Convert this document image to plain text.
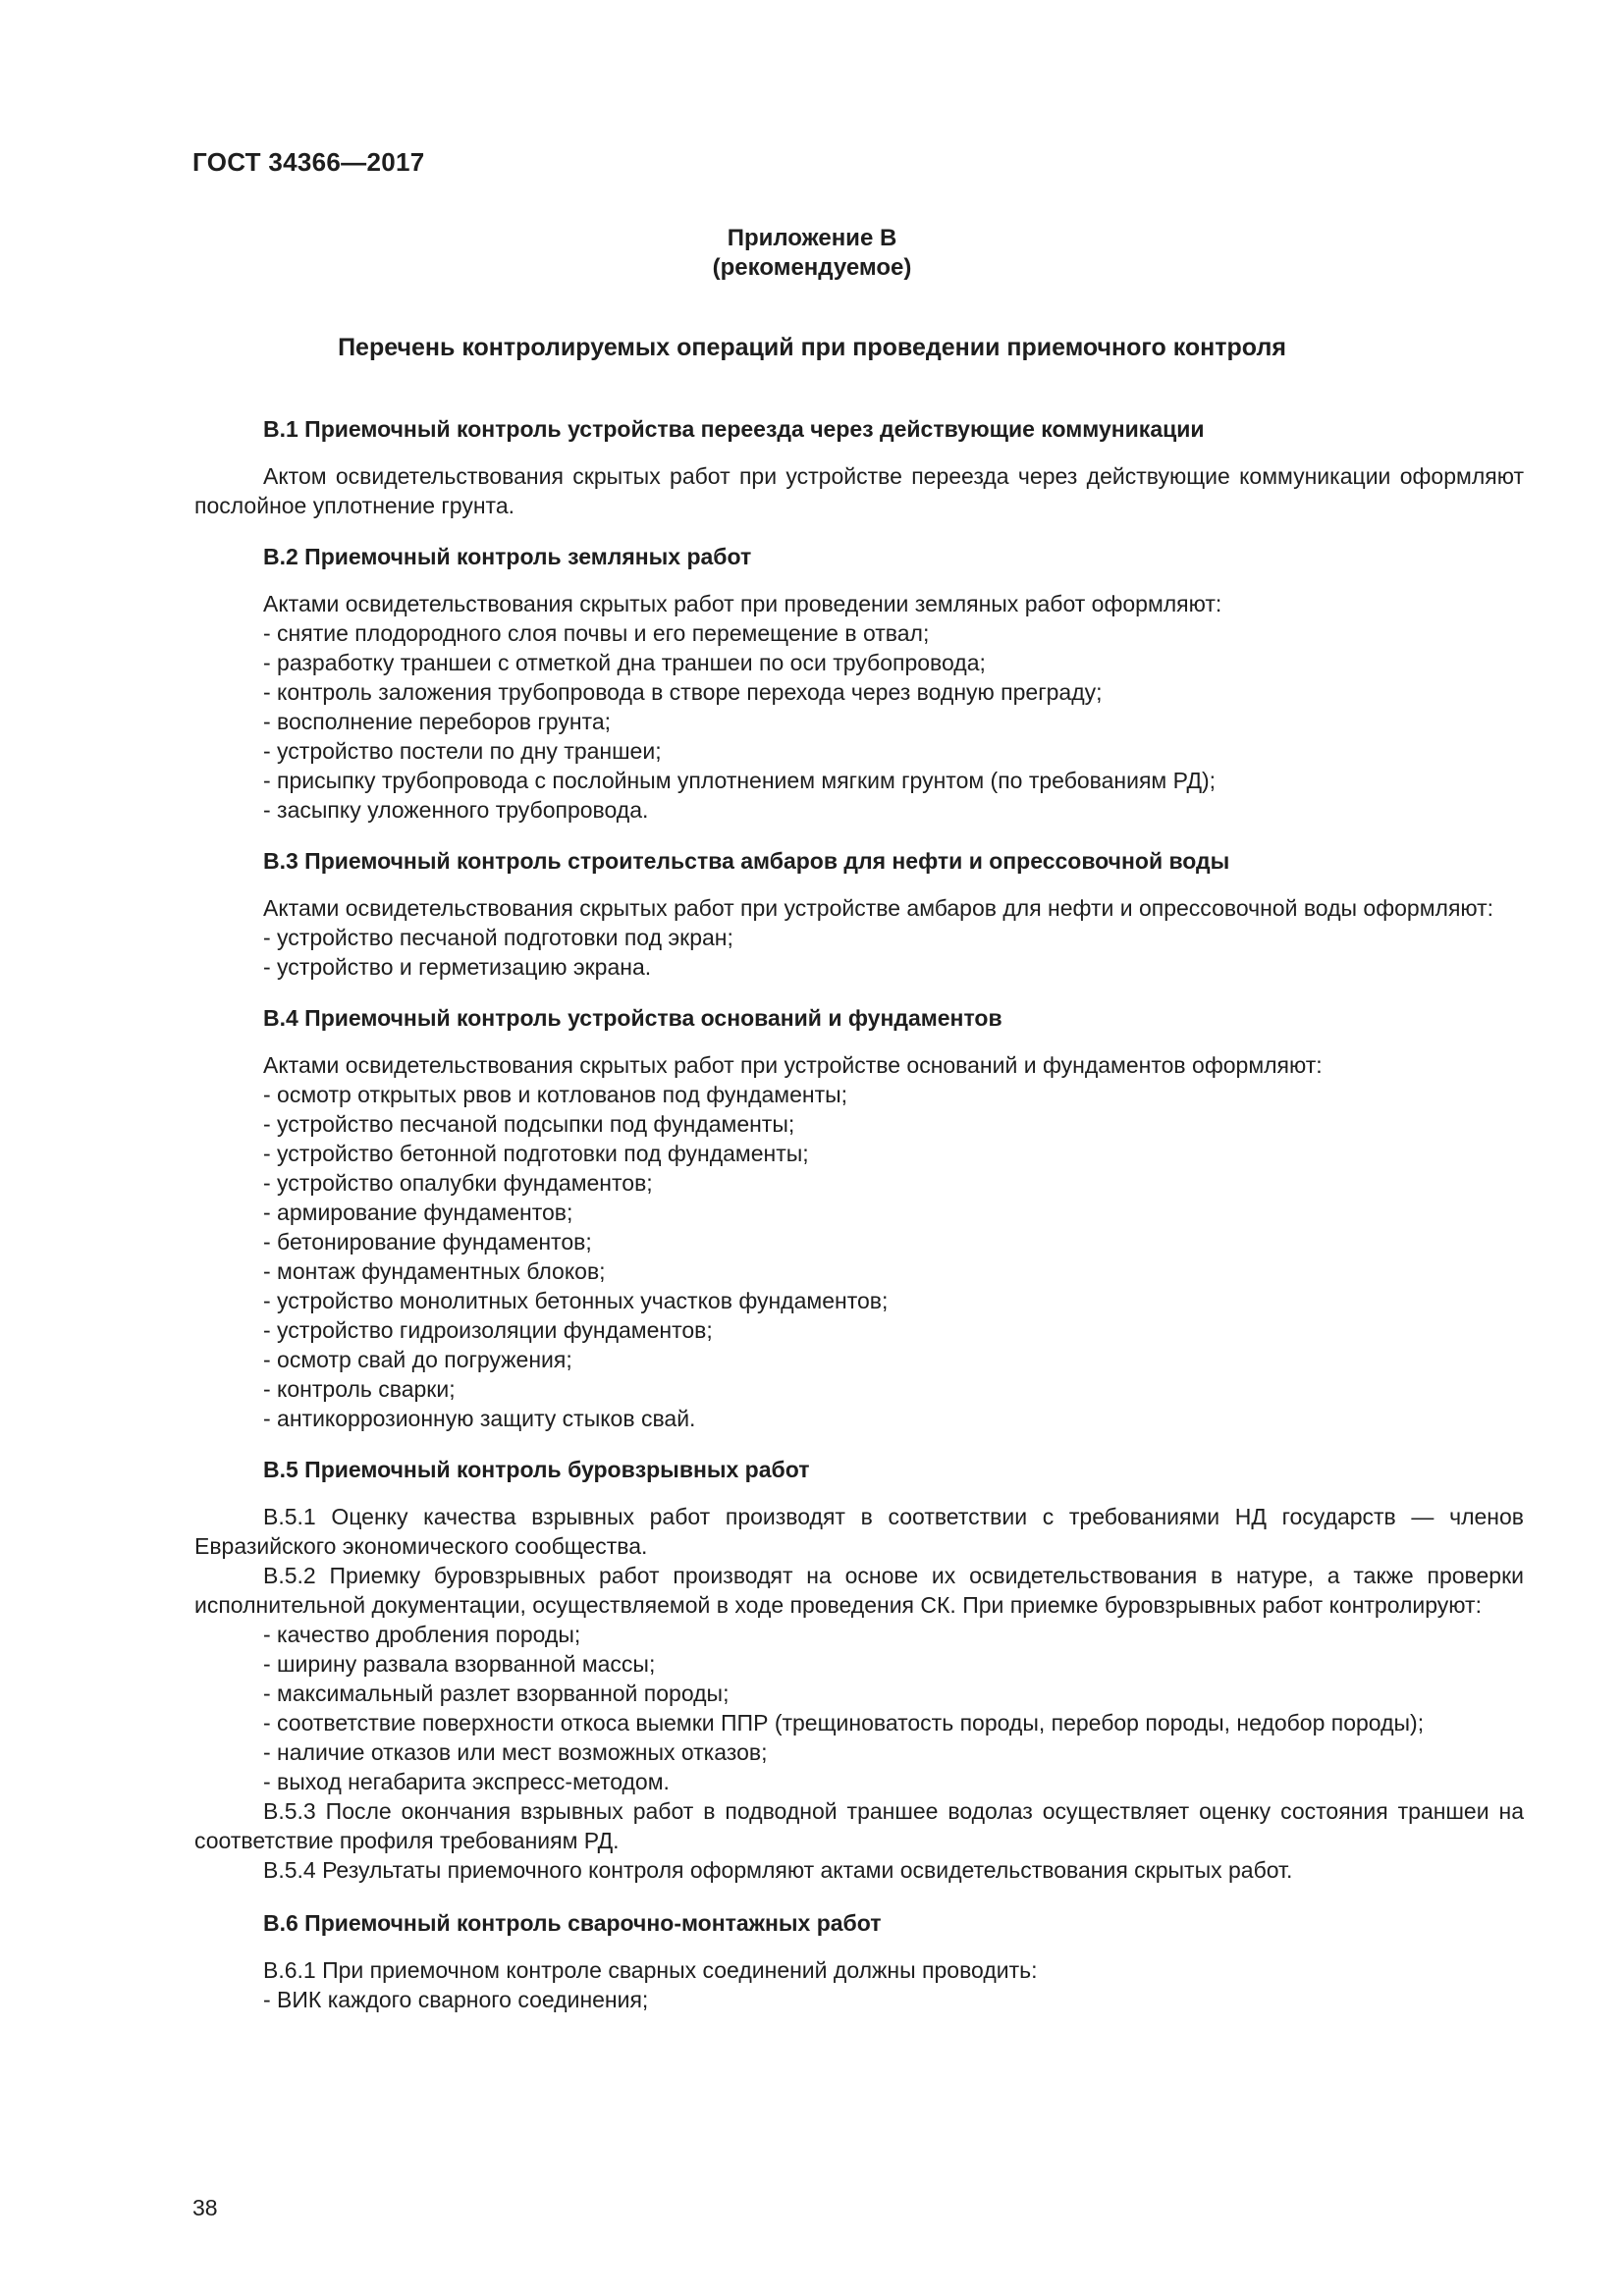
ГОСТ 34366—2017
Приложение В
(рекомендуемое)
Перечень контролируемых операций при проведении приемочного контроля
В.1 Приемочный контроль устройства переезда через действующие коммуникации
Актом освидетельствования скрытых работ при устройстве переезда через действующие коммуникации оформляют послойное уплотнение грунта.
В.2 Приемочный контроль земляных работ
Актами освидетельствования скрытых работ при проведении земляных работ оформляют:
- снятие плодородного слоя почвы и его перемещение в отвал;
- разработку траншеи с отметкой дна траншеи по оси трубопровода;
- контроль заложения трубопровода в створе перехода через водную преграду;
- восполнение переборов грунта;
- устройство постели по дну траншеи;
- присыпку трубопровода с послойным уплотнением мягким грунтом (по требованиям РД);
- засыпку уложенного трубопровода.
В.3 Приемочный контроль строительства амбаров для нефти и опрессовочной воды
Актами освидетельствования скрытых работ при устройстве амбаров для нефти и опрессовочной воды оформляют:
- устройство песчаной подготовки под экран;
- устройство и герметизацию экрана.
В.4 Приемочный контроль устройства оснований и фундаментов
Актами освидетельствования скрытых работ при устройстве оснований и фундаментов оформляют:
- осмотр открытых рвов и котлованов под фундаменты;
- устройство песчаной подсыпки под фундаменты;
- устройство бетонной подготовки под фундаменты;
- устройство опалубки фундаментов;
- армирование фундаментов;
- бетонирование фундаментов;
- монтаж фундаментных блоков;
- устройство монолитных бетонных участков фундаментов;
- устройство гидроизоляции фундаментов;
- осмотр свай до погружения;
- контроль сварки;
- антикоррозионную защиту стыков свай.
В.5 Приемочный контроль буровзрывных работ
В.5.1 Оценку качества взрывных работ производят в соответствии с требованиями НД государств — членов Евразийского экономического сообщества.
В.5.2 Приемку буровзрывных работ производят на основе их освидетельствования в натуре, а также проверки исполнительной документации, осуществляемой в ходе проведения СК. При приемке буровзрывных работ контролируют:
- качество дробления породы;
- ширину развала взорванной массы;
- максимальный разлет взорванной породы;
- соответствие поверхности откоса выемки ППР (трещиноватость породы, перебор породы, недобор породы);
- наличие отказов или мест возможных отказов;
- выход негабарита экспресс-методом.
В.5.3 После окончания взрывных работ в подводной траншее водолаз осуществляет оценку состояния траншеи на соответствие профиля требованиям РД.
В.5.4 Результаты приемочного контроля оформляют актами освидетельствования скрытых работ.
В.6 Приемочный контроль сварочно-монтажных работ
В.6.1 При приемочном контроле сварных соединений должны проводить:
- ВИК каждого сварного соединения;
38
